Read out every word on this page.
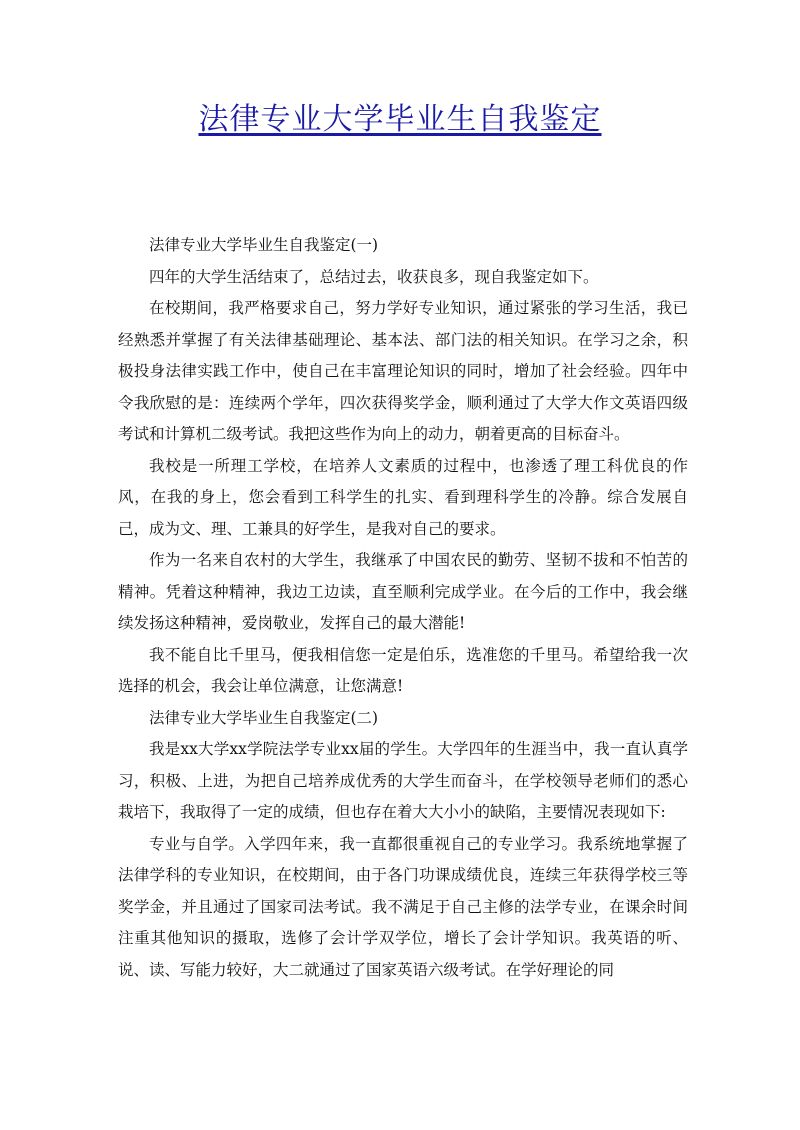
法律专业大学毕业生自我鉴定

法律专业大学毕业生自我鉴定(一)

四年的大学生活结束了，总结过去，收获良多，现自我鉴定如下。

在校期间，我严格要求自己，努力学好专业知识，通过紧张的学习生活，我已经熟悉并掌握了有关法律基础理论、基本法、部门法的相关知识。在学习之余，积极投身法律实践工作中，使自己在丰富理论知识的同时，增加了社会经验。四年中令我欣慰的是：连续两个学年，四次获得奖学金，顺利通过了大学大作文英语四级考试和计算机二级考试。我把这些作为向上的动力，朝着更高的目标奋斗。

我校是一所理工学校，在培养人文素质的过程中，也渗透了理工科优良的作风，在我的身上，您会看到工科学生的扎实、看到理科学生的冷静。综合发展自己，成为文、理、工兼具的好学生，是我对自己的要求。

作为一名来自农村的大学生，我继承了中国农民的勤劳、坚韧不拔和不怕苦的精神。凭着这种精神，我边工边读，直至顺利完成学业。在今后的工作中，我会继续发扬这种精神，爱岗敬业，发挥自己的最大潜能!

我不能自比千里马，便我相信您一定是伯乐，选准您的千里马。希望给我一次选择的机会，我会让单位满意，让您满意!

法律专业大学毕业生自我鉴定(二)

我是xx大学xx学院法学专业xx届的学生。大学四年的生涯当中，我一直认真学习，积极、上进，为把自己培养成优秀的大学生而奋斗，在学校领导老师们的悉心栽培下，我取得了一定的成绩，但也存在着大大小小的缺陷，主要情况表现如下:

专业与自学。入学四年来，我一直都很重视自己的专业学习。我系统地掌握了法律学科的专业知识，在校期间，由于各门功课成绩优良，连续三年获得学校三等奖学金，并且通过了国家司法考试。我不满足于自己主修的法学专业，在课余时间注重其他知识的摄取，选修了会计学双学位，增长了会计学知识。我英语的听、说、读、写能力较好，大二就通过了国家英语六级考试。在学好理论的同
